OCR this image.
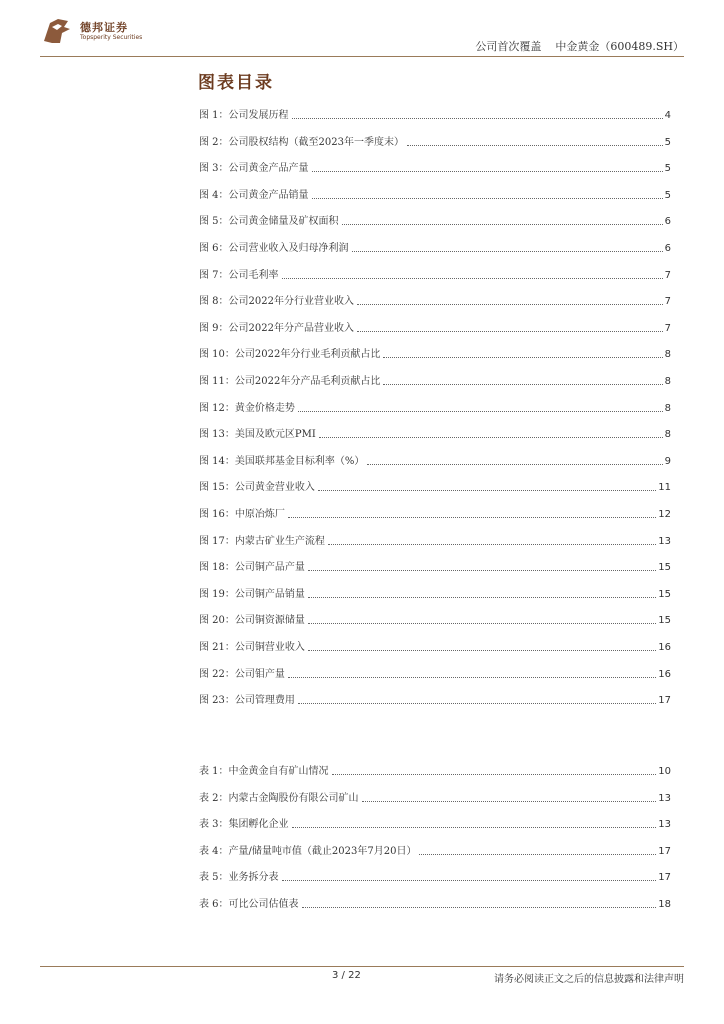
德邦证券
Topsperity Securities
公司首次覆盖 中金黄金（600489.SH）
图表目录
图 1： 公司发展历程	4
图 2： 公司股权结构（截至2023年一季度末）	5
图 3： 公司黄金产品产量	5
图 4： 公司黄金产品销量	5
图 5： 公司黄金储量及矿权面积	6
图 6： 公司营业收入及归母净利润	6
图 7： 公司毛利率	7
图 8： 公司2022年分行业营业收入	7
图 9： 公司2022年分产品营业收入	7
图 10： 公司2022年分行业毛利贡献占比	8
图 11： 公司2022年分产品毛利贡献占比	8
图 12： 黄金价格走势	8
图 13： 美国及欧元区PMI	8
图 14： 美国联邦基金目标利率（%）	9
图 15： 公司黄金营业收入	11
图 16： 中原冶炼厂	12
图 17： 内蒙古矿业生产流程	13
图 18： 公司铜产品产量	15
图 19： 公司铜产品销量	15
图 20： 公司铜资源储量	15
图 21： 公司铜营业收入	16
图 22： 公司钼产量	16
图 23： 公司管理费用	17
表 1： 中金黄金自有矿山情况	10
表 2： 内蒙古金陶股份有限公司矿山	13
表 3： 集团孵化企业	13
表 4： 产量/储量吨市值（截止2023年7月20日）	17
表 5： 业务拆分表	17
表 6： 可比公司估值表	18
3 / 22	请务必阅读正文之后的信息披露和法律声明
